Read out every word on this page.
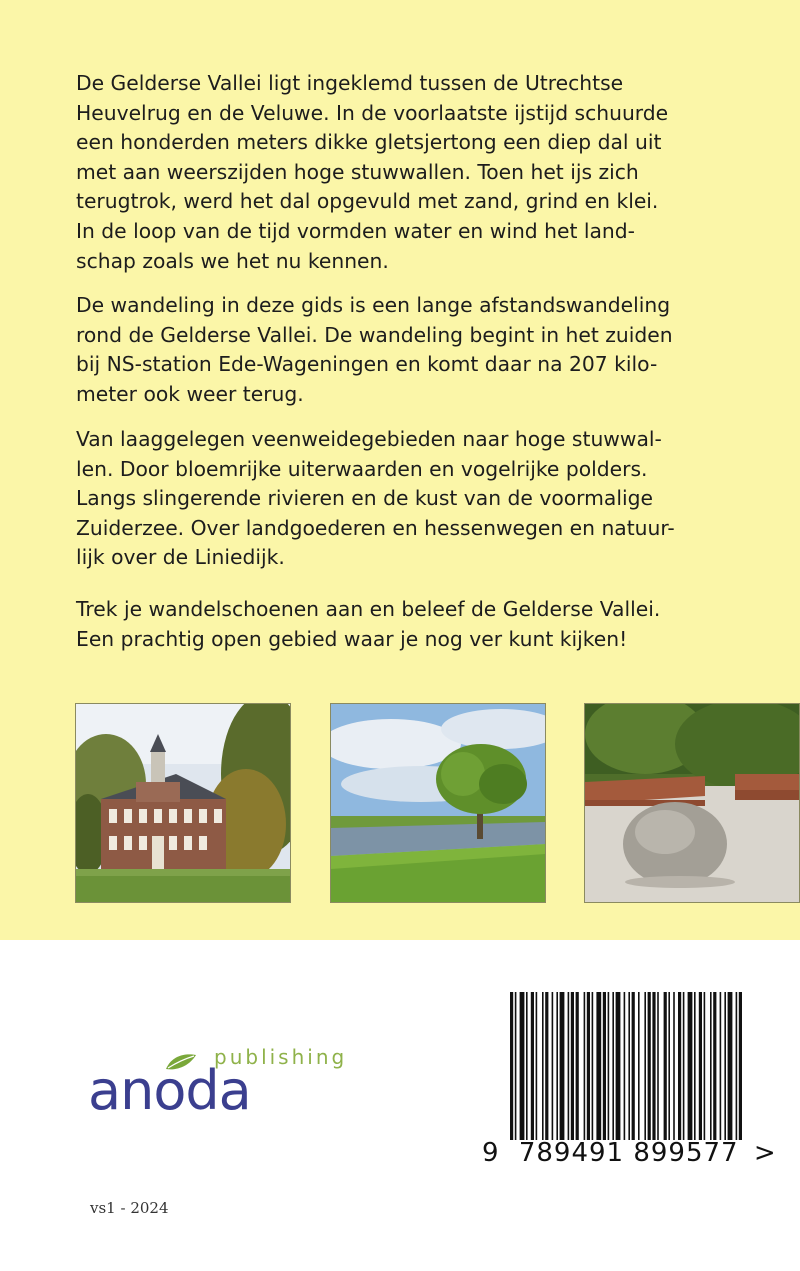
De Gelderse Vallei ligt ingeklemd tussen de Utrechtse
Heuvelrug en de Veluwe. In de voorlaatste ijstijd schuurde
een honderden meters dikke gletsjertong een diep dal uit
met aan weerszijden hoge stuwwallen. Toen het ijs zich
terugtrok, werd het dal opgevuld met zand, grind en klei.
In de loop van de tijd vormden water en wind het land-
schap zoals we het nu kennen.

De wandeling in deze gids is een lange afstandswandeling
rond de Gelderse Vallei. De wandeling begint in het zuiden
bij NS-station Ede-Wageningen en komt daar na 207 kilo-
meter ook weer terug.

Van laaggelegen veenweidegebieden naar hoge stuwwal-
len. Door bloemrijke uiterwaarden en vogelrijke polders.
Langs slingerende rivieren en de kust van de voormalige
Zuiderzee. Over landgoederen en hessenwegen en natuur-
lijk over de Liniedijk.

Trek je wandelschoenen aan en beleef de Gelderse Vallei.
Een prachtig open gebied waar je nog ver kunt kijken!

publishing
anoda
9 789491 899577 >
vs1 - 2024
